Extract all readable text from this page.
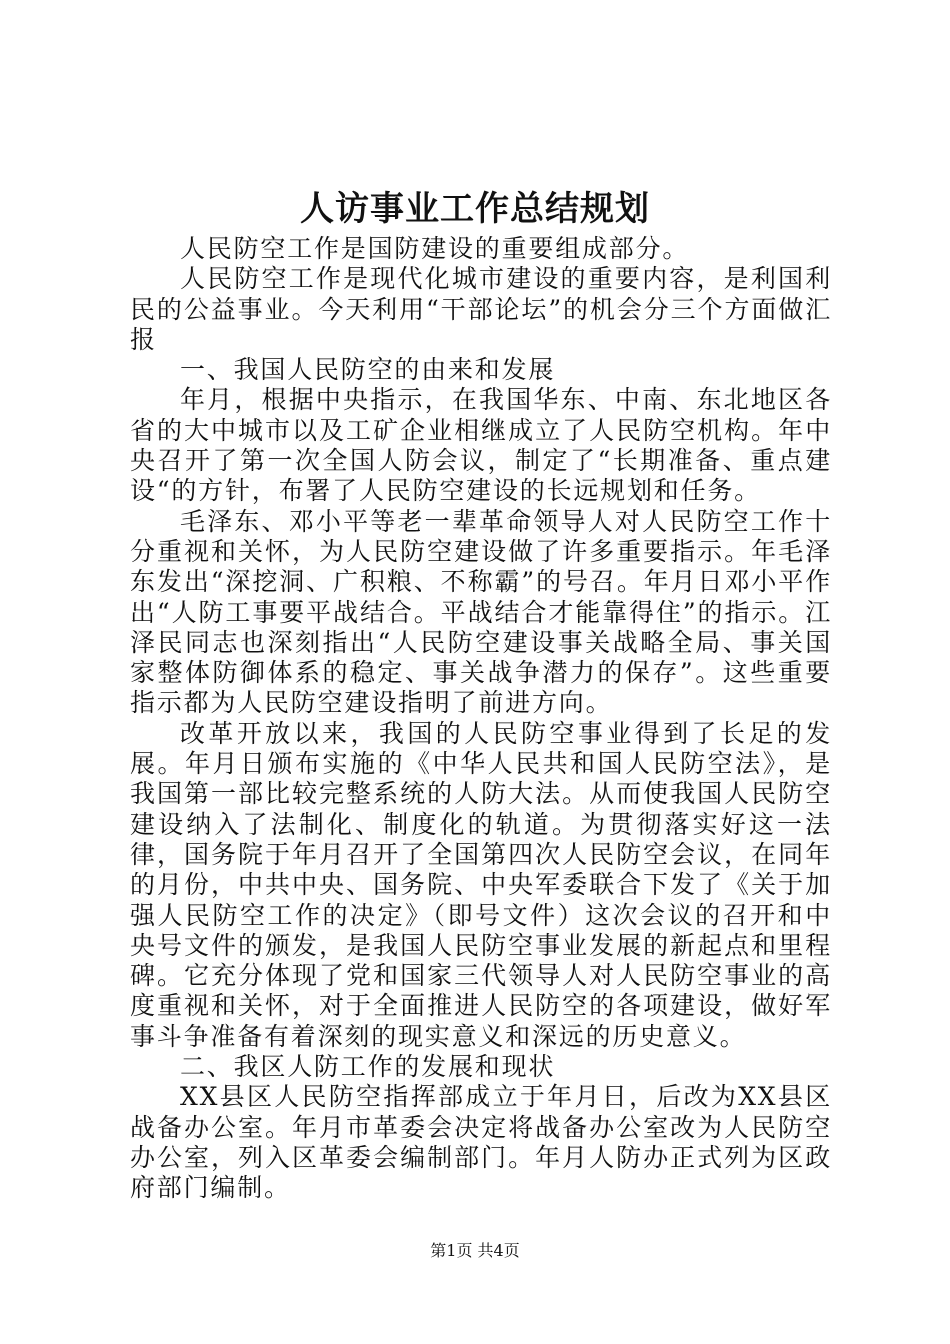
人访事业工作总结规划

人民防空工作是国防建设的重要组成部分。

人民防空工作是现代化城市建设的重要内容，是利国利民的公益事业。今天利用“干部论坛”的机会分三个方面做汇报

一、我国人民防空的由来和发展

年月，根据中央指示，在我国华东、中南、东北地区各省的大中城市以及工矿企业相继成立了人民防空机构。年中央召开了第一次全国人防会议，制定了“长期准备、重点建设“的方针，布署了人民防空建设的长远规划和任务。

毛泽东、邓小平等老一辈革命领导人对人民防空工作十分重视和关怀，为人民防空建设做了许多重要指示。年毛泽东发出“深挖洞、广积粮、不称霸”的号召。年月日邓小平作出“人防工事要平战结合。平战结合才能靠得住”的指示。江泽民同志也深刻指出“人民防空建设事关战略全局、事关国家整体防御体系的稳定、事关战争潜力的保存”。这些重要指示都为人民防空建设指明了前进方向。

改革开放以来，我国的人民防空事业得到了长足的发展。年月日颁布实施的《中华人民共和国人民防空法》，是我国第一部比较完整系统的人防大法。从而使我国人民防空建设纳入了法制化、制度化的轨道。为贯彻落实好这一法律，国务院于年月召开了全国第四次人民防空会议，在同年的月份，中共中央、国务院、中央军委联合下发了《关于加强人民防空工作的决定》（即号文件）这次会议的召开和中央号文件的颁发，是我国人民防空事业发展的新起点和里程碑。它充分体现了党和国家三代领导人对人民防空事业的高度重视和关怀，对于全面推进人民防空的各项建设，做好军事斗争准备有着深刻的现实意义和深远的历史意义。

二、我区人防工作的发展和现状

XX县区人民防空指挥部成立于年月日，后改为XX县区战备办公室。年月市革委会决定将战备办公室改为人民防空办公室，列入区革委会编制部门。年月人防办正式列为区政府部门编制。

第1页 共4页
